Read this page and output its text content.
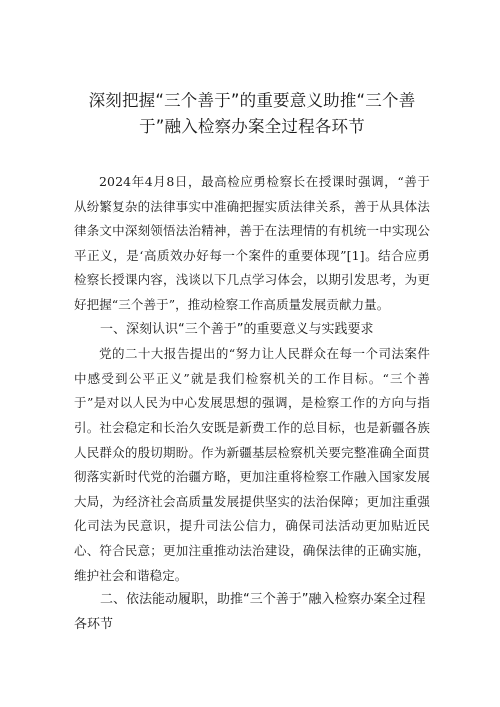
深刻把握“三个善于”的重要意义助推“三个善于”融入检察办案全过程各环节

2024年4月8日，最高检应勇检察长在授课时强调，“善于从纷繁复杂的法律事实中准确把握实质法律关系，善于从具体法律条文中深刻领悟法治精神，善于在法理情的有机统一中实现公平正义，是‘高质效办好每一个案件的重要体现”[1]。结合应勇检察长授课内容，浅谈以下几点学习体会，以期引发思考，为更好把握“三个善于”，推动检察工作高质量发展贡献力量。

一、深刻认识“三个善于”的重要意义与实践要求

党的二十大报告提出的“努力让人民群众在每一个司法案件中感受到公平正义”就是我们检察机关的工作目标。“三个善于”是对以人民为中心发展思想的强调，是检察工作的方向与指引。社会稳定和长治久安既是新费工作的总目标，也是新疆各族人民群众的殷切期盼。作为新疆基层检察机关要完整准确全面贯彻落实新时代党的治疆方略，更加注重将检察工作融入国家发展大局，为经济社会高质量发展提供坚实的法治保障；更加注重强化司法为民意识，提升司法公信力，确保司法活动更加贴近民心、符合民意；更加注重推动法治建设，确保法律的正确实施，维护社会和谐稳定。

二、依法能动履职，助推“三个善于”融入检察办案全过程各环节
